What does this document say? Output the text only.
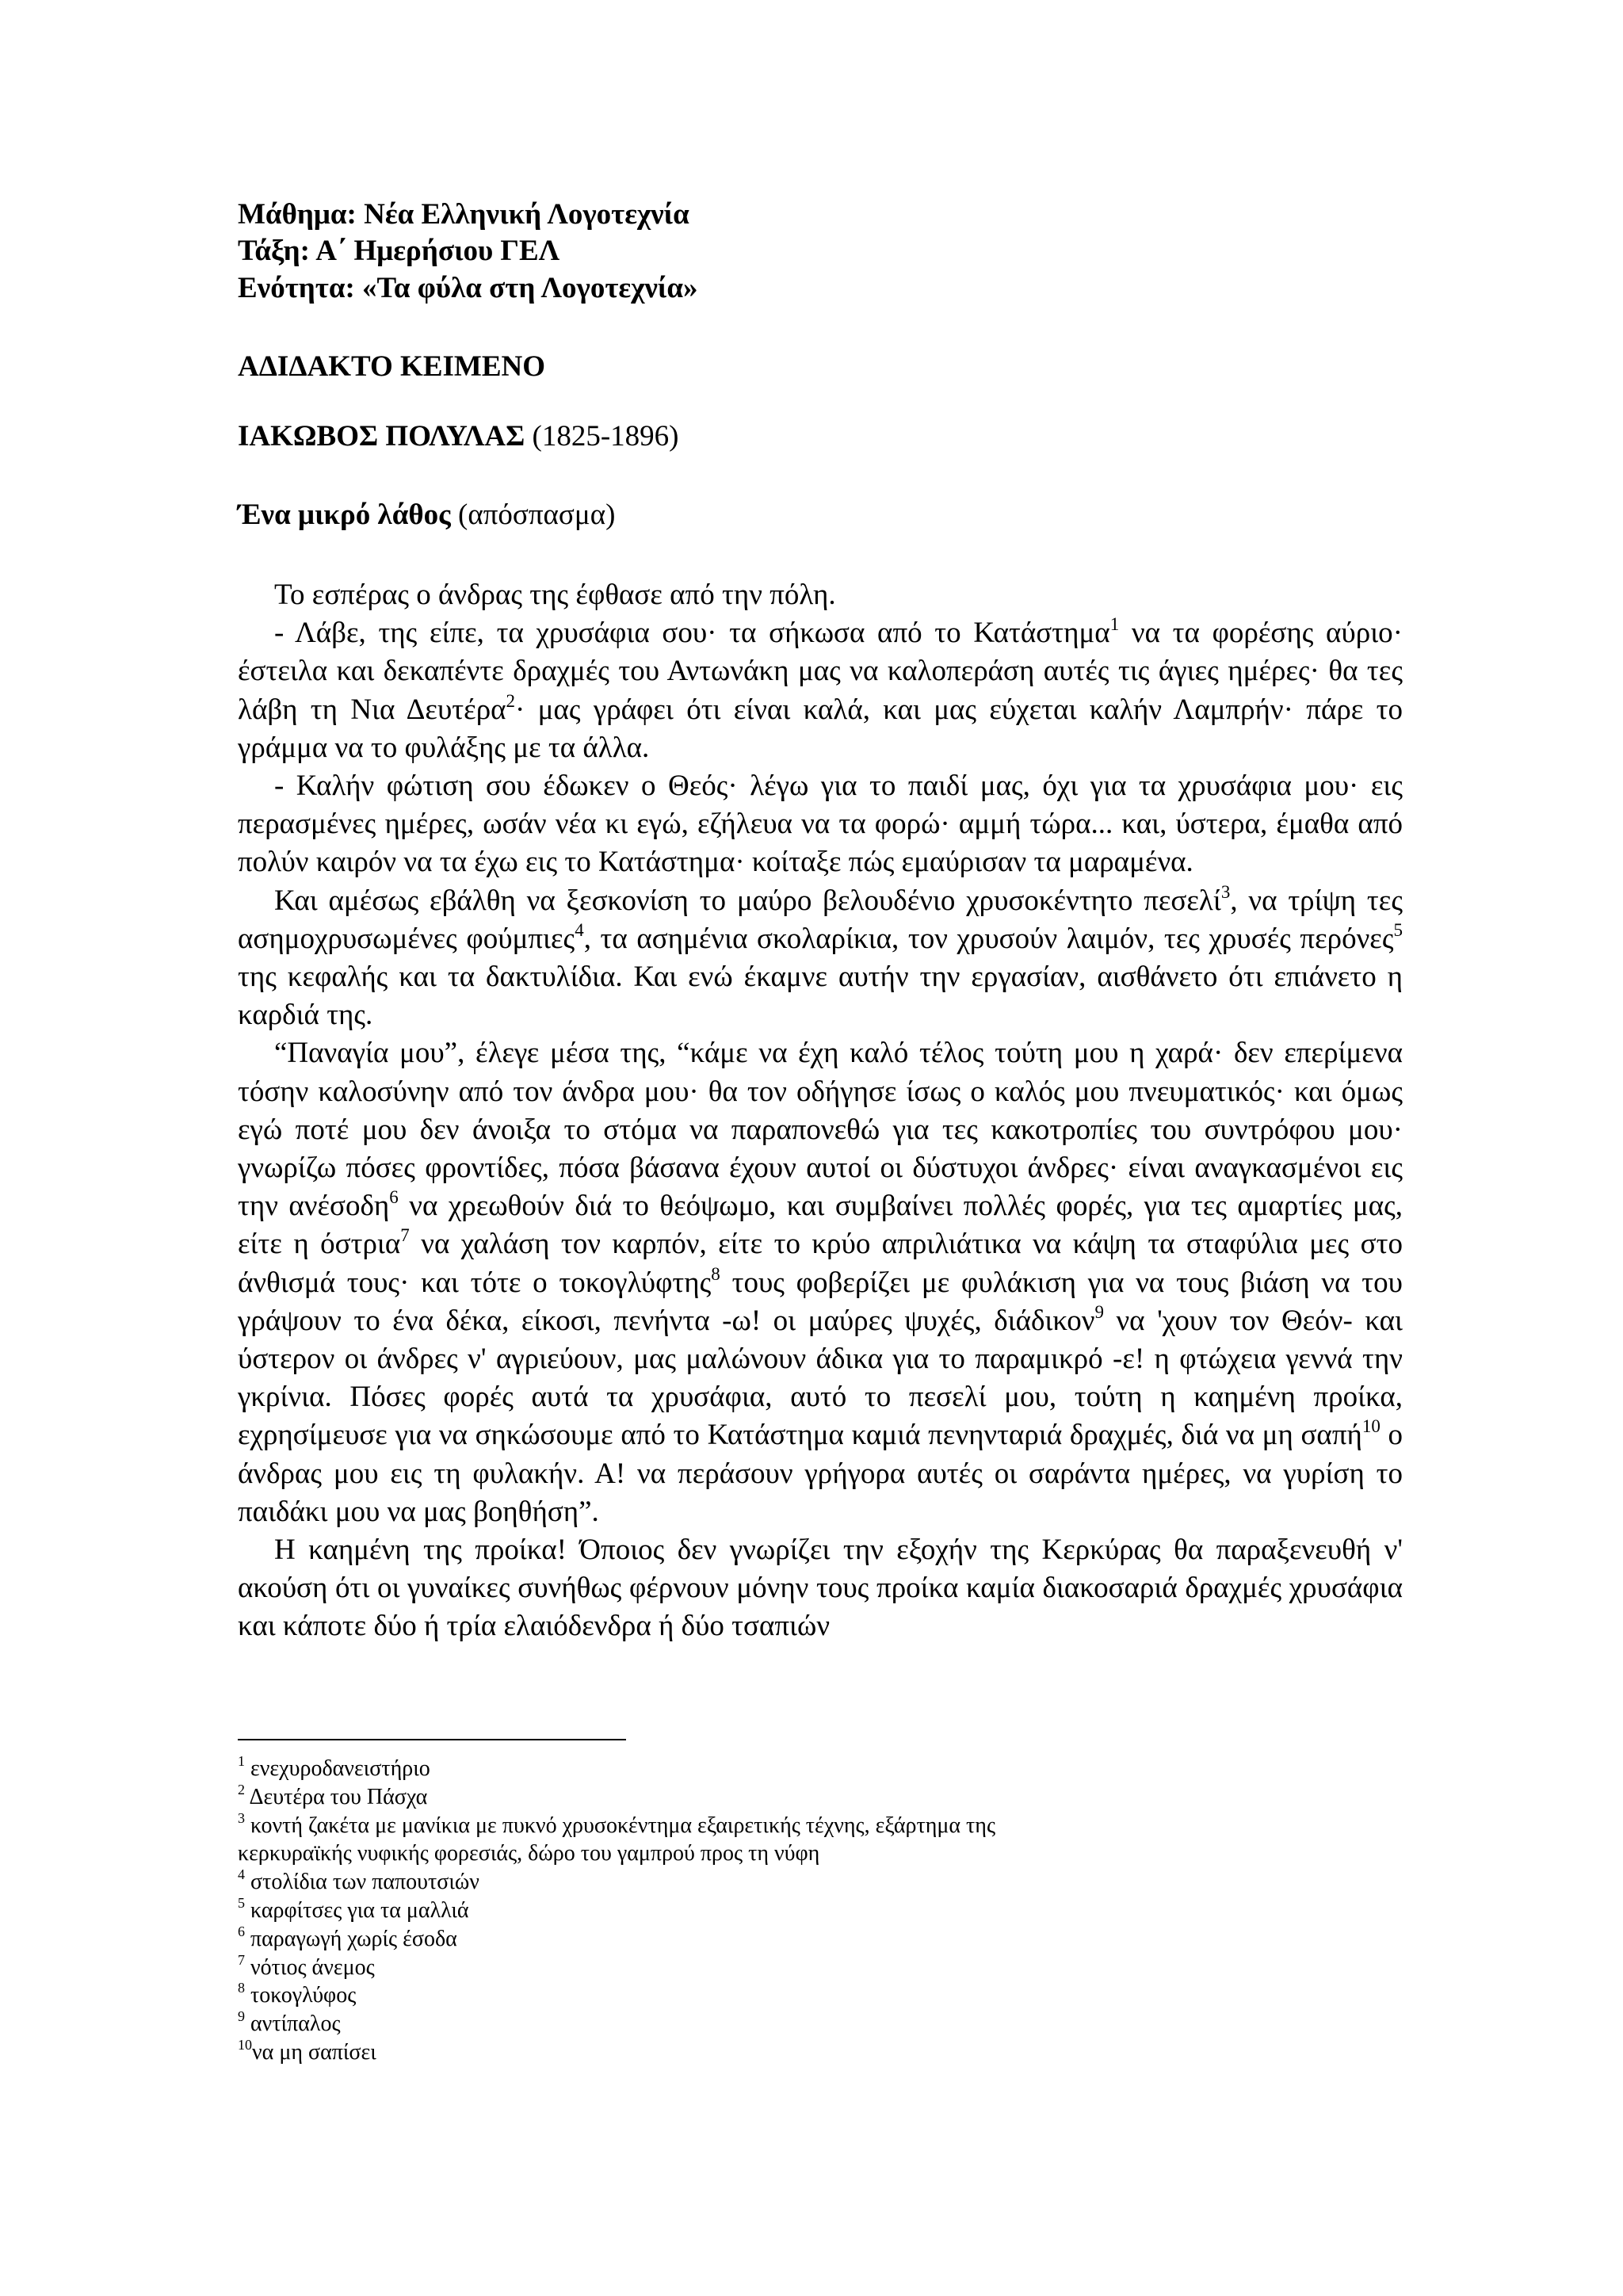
Μάθημα: Νέα Ελληνική Λογοτεχνία
Τάξη: Α΄ Ημερήσιου ΓΕΛ
Ενότητα: «Τα φύλα στη Λογοτεχνία»
ΑΔΙΔΑΚΤΟ ΚΕΙΜΕΝΟ
ΙΑΚΩΒΟΣ ΠΟΛΥΛΑΣ (1825-1896)
Ένα μικρό λάθος (απόσπασμα)

Το εσπέρας ο άνδρας της έφθασε από την πόλη.

- Λάβε, της είπε, τα χρυσάφια σου· τα σήκωσα από το Κατάστημα$^1$ να τα φορέσης αύριο· έστειλα και δεκαπέντε δραχμές του Αντωνάκη μας να καλοπεράση αυτές τις άγιες ημέρες· θα τες λάβη τη Νια Δευτέρα$^2$· μας γράφει ότι είναι καλά, και μας εύχεται καλήν Λαμπρήν· πάρε το γράμμα να το φυλάξης με τα άλλα.

- Καλήν φώτιση σου έδωκεν ο Θεός· λέγω για το παιδί μας, όχι για τα χρυσάφια μου· εις περασμένες ημέρες, ωσάν νέα κι εγώ, εζήλευα να τα φορώ· αμμή τώρα... και, ύστερα, έμαθα από πολύν καιρόν να τα έχω εις το Κατάστημα· κοίταξε πώς εμαύρισαν τα μαραμένα.

Και αμέσως εβάλθη να ξεσκονίση το μαύρο βελουδένιο χρυσοκέντητο πεσελί$^3$, να τρίψη τες ασημοχρυσωμένες φούμπιες$^4$, τα ασημένια σκολαρίκια, τον χρυσούν λαιμόν, τες χρυσές περόνες$^5$ της κεφαλής και τα δακτυλίδια. Και ενώ έκαμνε αυτήν την εργασίαν, αισθάνετο ότι επιάνετο η καρδιά της.

“Παναγία μου”, έλεγε μέσα της, “κάμε να έχη καλό τέλος τούτη μου η χαρά· δεν επερίμενα τόσην καλοσύνην από τον άνδρα μου· θα τον οδήγησε ίσως ο καλός μου πνευματικός· και όμως εγώ ποτέ μου δεν άνοιξα το στόμα να παραπονεθώ για τες κακοτροπίες του συντρόφου μου· γνωρίζω πόσες φροντίδες, πόσα βάσανα έχουν αυτοί οι δύστυχοι άνδρες· είναι αναγκασμένοι εις την ανέσοδη$^6$ να χρεωθούν διά το θεόψωμο, και συμβαίνει πολλές φορές, για τες αμαρτίες μας, είτε η όστρια$^7$ να χαλάση τον καρπόν, είτε το κρύο απριλιάτικα να κάψη τα σταφύλια μες στο άνθισμά τους· και τότε ο τοκογλύφτης$^8$ τους φοβερίζει με φυλάκιση για να τους βιάση να του γράψουν το ένα δέκα, είκοσι, πενήντα -ω! οι μαύρες ψυχές, διάδικον$^9$ να 'χουν τον Θεόν- και ύστερον οι άνδρες ν' αγριεύουν, μας μαλώνουν άδικα για το παραμικρό -ε! η φτώχεια γεννά την γκρίνια. Πόσες φορές αυτά τα χρυσάφια, αυτό το πεσελί μου, τούτη η καημένη προίκα, εχρησίμευσε για να σηκώσουμε από το Κατάστημα καμιά πενηνταριά δραχμές, διά να μη σαπή$^{10}$ ο άνδρας μου εις τη φυλακήν. Α! να περάσουν γρήγορα αυτές οι σαράντα ημέρες, να γυρίση το παιδάκι μου να μας βοηθήση”.

Η καημένη της προίκα! Όποιος δεν γνωρίζει την εξοχήν της Κερκύρας θα παραξενευθή ν' ακούση ότι οι γυναίκες συνήθως φέρνουν μόνην τους προίκα καμία διακοσαριά δραχμές χρυσάφια και κάποτε δύο ή τρία ελαιόδενδρα ή δύο τσαπιών

$^1$ ενεχυροδανειστήριο

$^2$ Δευτέρα του Πάσχα

$^3$ κοντή ζακέτα με μανίκια με πυκνό χρυσοκέντημα εξαιρετικής τέχνης, εξάρτημα της

κερκυραϊκής νυφικής φορεσιάς, δώρο του γαμπρού προς τη νύφη

$^4$ στολίδια των παπουτσιών

$^5$ καρφίτσες για τα μαλλιά

$^6$ παραγωγή χωρίς έσοδα

$^7$ νότιος άνεμος

$^8$ τοκογλύφος

$^9$ αντίπαλος

$^{10}$να μη σαπίσει
